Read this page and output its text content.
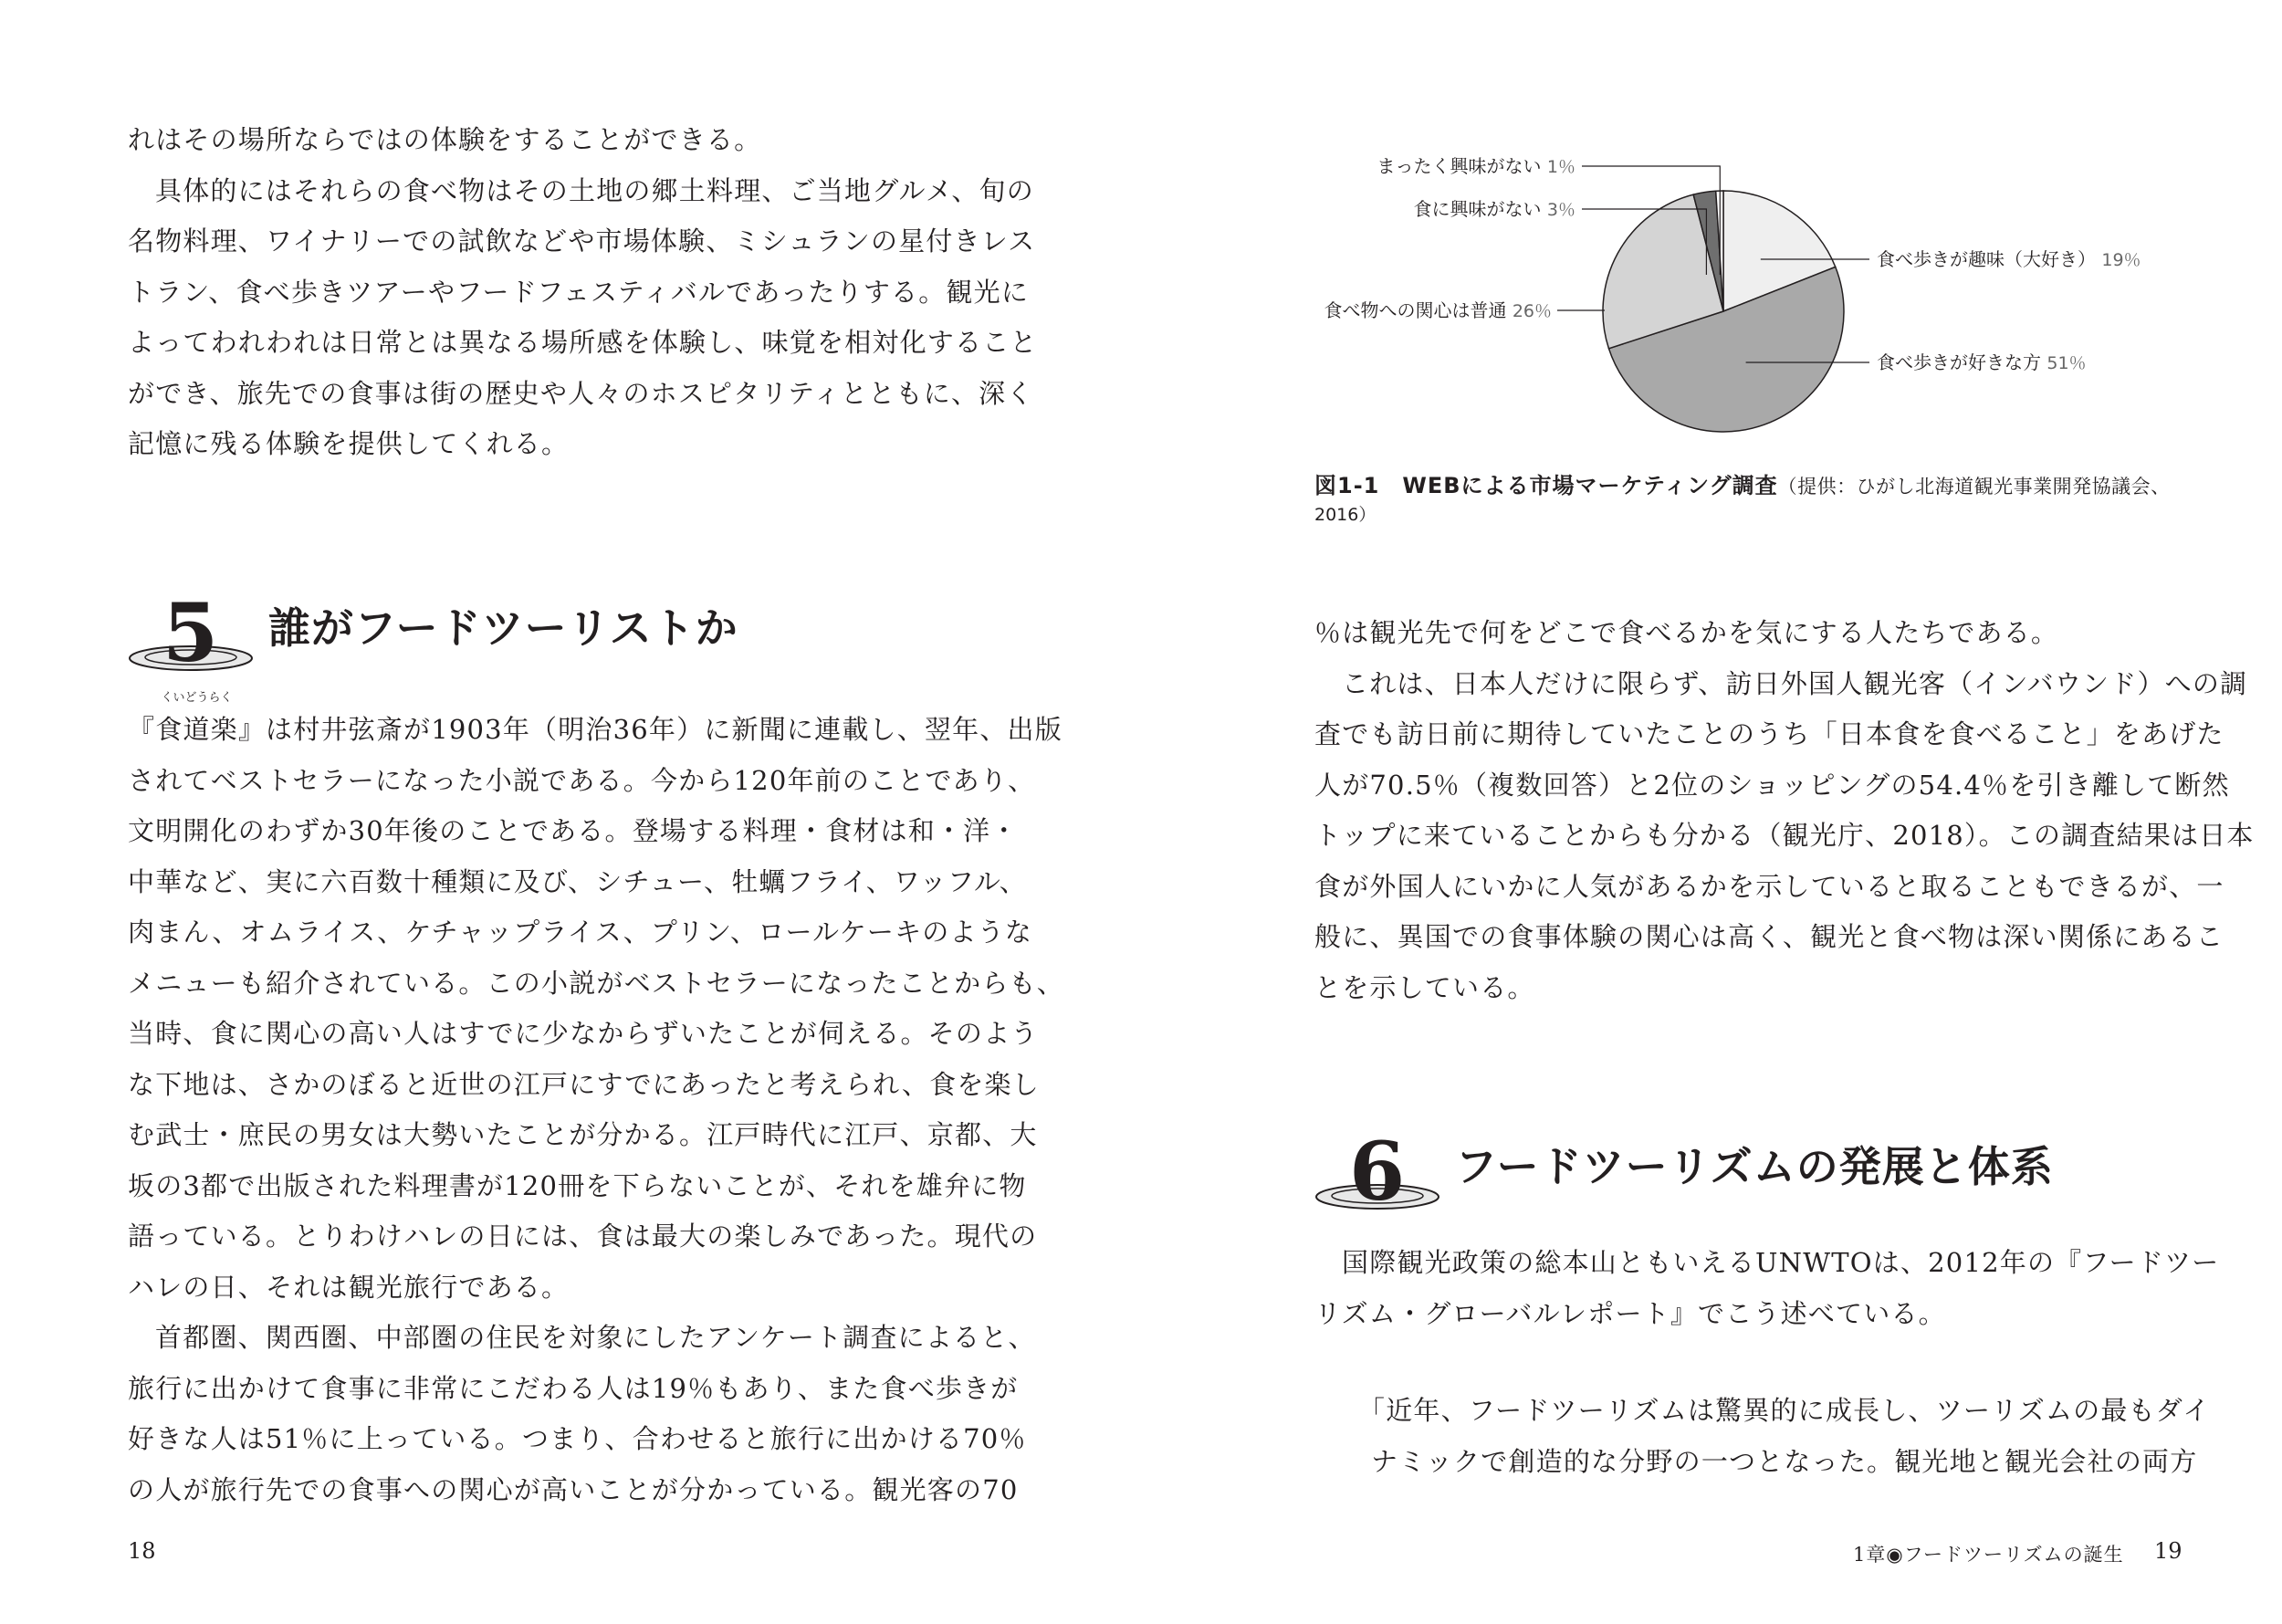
れはその場所ならではの体験をすることができる。
具体的にはそれらの食べ物はその土地の郷土料理、ご当地グルメ、旬の
名物料理、ワイナリーでの試飲などや市場体験、ミシュランの星付きレス
トラン、食べ歩きツアーやフードフェスティバルであったりする。観光に
よってわれわれは日常とは異なる場所感を体験し、味覚を相対化すること
ができ、旅先での食事は街の歴史や人々のホスピタリティとともに、深く
記憶に残る体験を提供してくれる。
5 誰がフードツーリストか
『
くいどうらく
食道楽』は村井弦斎が1903年（明治36年）に新聞に連載し、翌年、出版
されてベストセラーになった小説である。今から120年前のことであり、
文明開化のわずか30年後のことである。登場する料理・食材は和・洋・
中華など、実に六百数十種類に及び、シチュー、牡蠣フライ、ワッフル、
肉まん、オムライス、ケチャップライス、プリン、ロールケーキのような
メニューも紹介されている。この小説がベストセラーになったことからも、
当時、食に関心の高い人はすでに少なからずいたことが伺える。そのよう
な下地は、さかのぼると近世の江戸にすでにあったと考えられ、食を楽し
む武士・庶民の男女は大勢いたことが分かる。江戸時代に江戸、京都、大
坂の3都で出版された料理書が120冊を下らないことが、それを雄弁に物
語っている。とりわけハレの日には、食は最大の楽しみであった。現代の
ハレの日、それは観光旅行である。
首都圏、関西圏、中部圏の住民を対象にしたアンケート調査によると、
旅行に出かけて食事に非常にこだわる人は19％もあり、また食べ歩きが
好きな人は51％に上っている。つまり、合わせると旅行に出かける70％
の人が旅行先での食事への関心が高いことが分かっている。観光客の70
18
食べ歩きが趣味（大好き） 19％
食べ歩きが好きな方 51％
食べ物への関心は普通 26％
食に興味がない 3％
まったく興味がない 1％
図1-1　WEBによる市場マーケティング調査（提供：ひがし北海道観光事業開発協議会、
2016）
％は観光先で何をどこで食べるかを気にする人たちである。
これは、日本人だけに限らず、訪日外国人観光客（インバウンド）への調
査でも訪日前に期待していたことのうち「日本食を食べること」をあげた
人が70.5％（複数回答）と2位のショッピングの54.4％を引き離して断然
トップに来ていることからも分かる（観光庁、2018）。この調査結果は日本
食が外国人にいかに人気があるかを示していると取ることもできるが、一
般に、異国での食事体験の関心は高く、観光と食べ物は深い関係にあるこ
とを示している。
6 フードツーリズムの発展と体系
国際観光政策の総本山ともいえるUNWTOは、2012年の『フードツー
リズム・グローバルレポート』でこう述べている。
「近年、フードツーリズムは驚異的に成長し、ツーリズムの最もダイ
ナミックで創造的な分野の一つとなった。観光地と観光会社の両方
1章◉フードツーリズムの誕生 19
